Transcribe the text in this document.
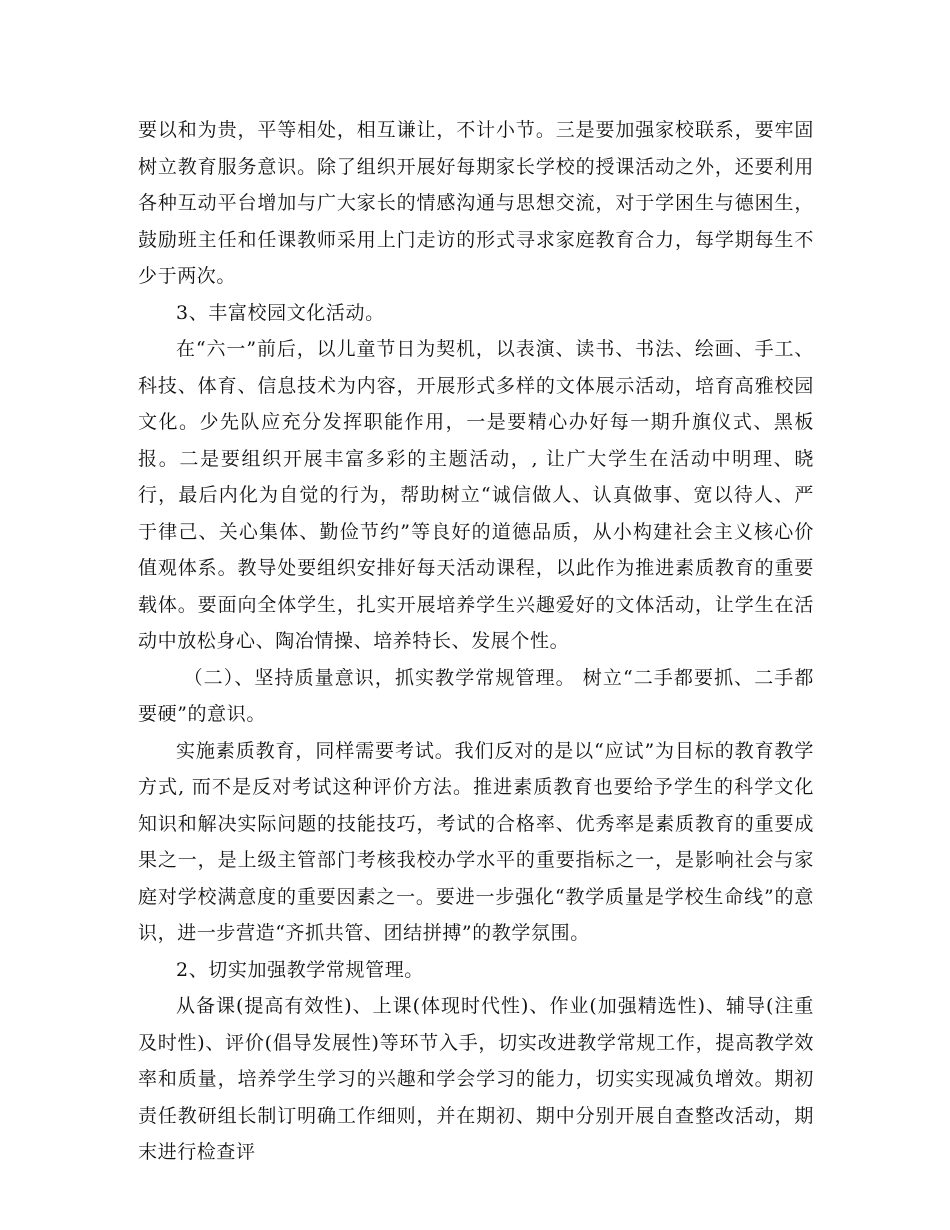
要以和为贵，平等相处，相互谦让，不计小节。三是要加强家校联系，要牢固树立教育服务意识。除了组织开展好每期家长学校的授课活动之外，还要利用各种互动平台增加与广大家长的情感沟通与思想交流，对于学困生与德困生，鼓励班主任和任课教师采用上门走访的形式寻求家庭教育合力，每学期每生不少于两次。

3、丰富校园文化活动。

在“六一”前后，以儿童节日为契机，以表演、读书、书法、绘画、手工、科技、体育、信息技术为内容，开展形式多样的文体展示活动，培育高雅校园文化。少先队应充分发挥职能作用，一是要精心办好每一期升旗仪式、黑板报。二是要组织开展丰富多彩的主题活动，, 让广大学生在活动中明理、晓行，最后内化为自觉的行为，帮助树立“诚信做人、认真做事、宽以待人、严于律己、关心集体、勤俭节约”等良好的道德品质，从小构建社会主义核心价值观体系。教导处要组织安排好每天活动课程，以此作为推进素质教育的重要载体。要面向全体学生，扎实开展培养学生兴趣爱好的文体活动，让学生在活动中放松身心、陶冶情操、培养特长、发展个性。

（二）、坚持质量意识，抓实教学常规管理。 树立“二手都要抓、二手都要硬”的意识。

实施素质教育，同样需要考试。我们反对的是以“应试”为目标的教育教学方式, 而不是反对考试这种评价方法。推进素质教育也要给予学生的科学文化知识和解决实际问题的技能技巧，考试的合格率、优秀率是素质教育的重要成果之一，是上级主管部门考核我校办学水平的重要指标之一，是影响社会与家庭对学校满意度的重要因素之一。要进一步强化“教学质量是学校生命线”的意识，进一步营造“齐抓共管、团结拼搏”的教学氛围。

2、切实加强教学常规管理。

从备课(提高有效性)、上课(体现时代性)、作业(加强精选性)、辅导(注重及时性)、评价(倡导发展性)等环节入手，切实改进教学常规工作，提高教学效率和质量，培养学生学习的兴趣和学会学习的能力，切实实现减负增效。期初责任教研组长制订明确工作细则，并在期初、期中分别开展自查整改活动，期末进行检查评
